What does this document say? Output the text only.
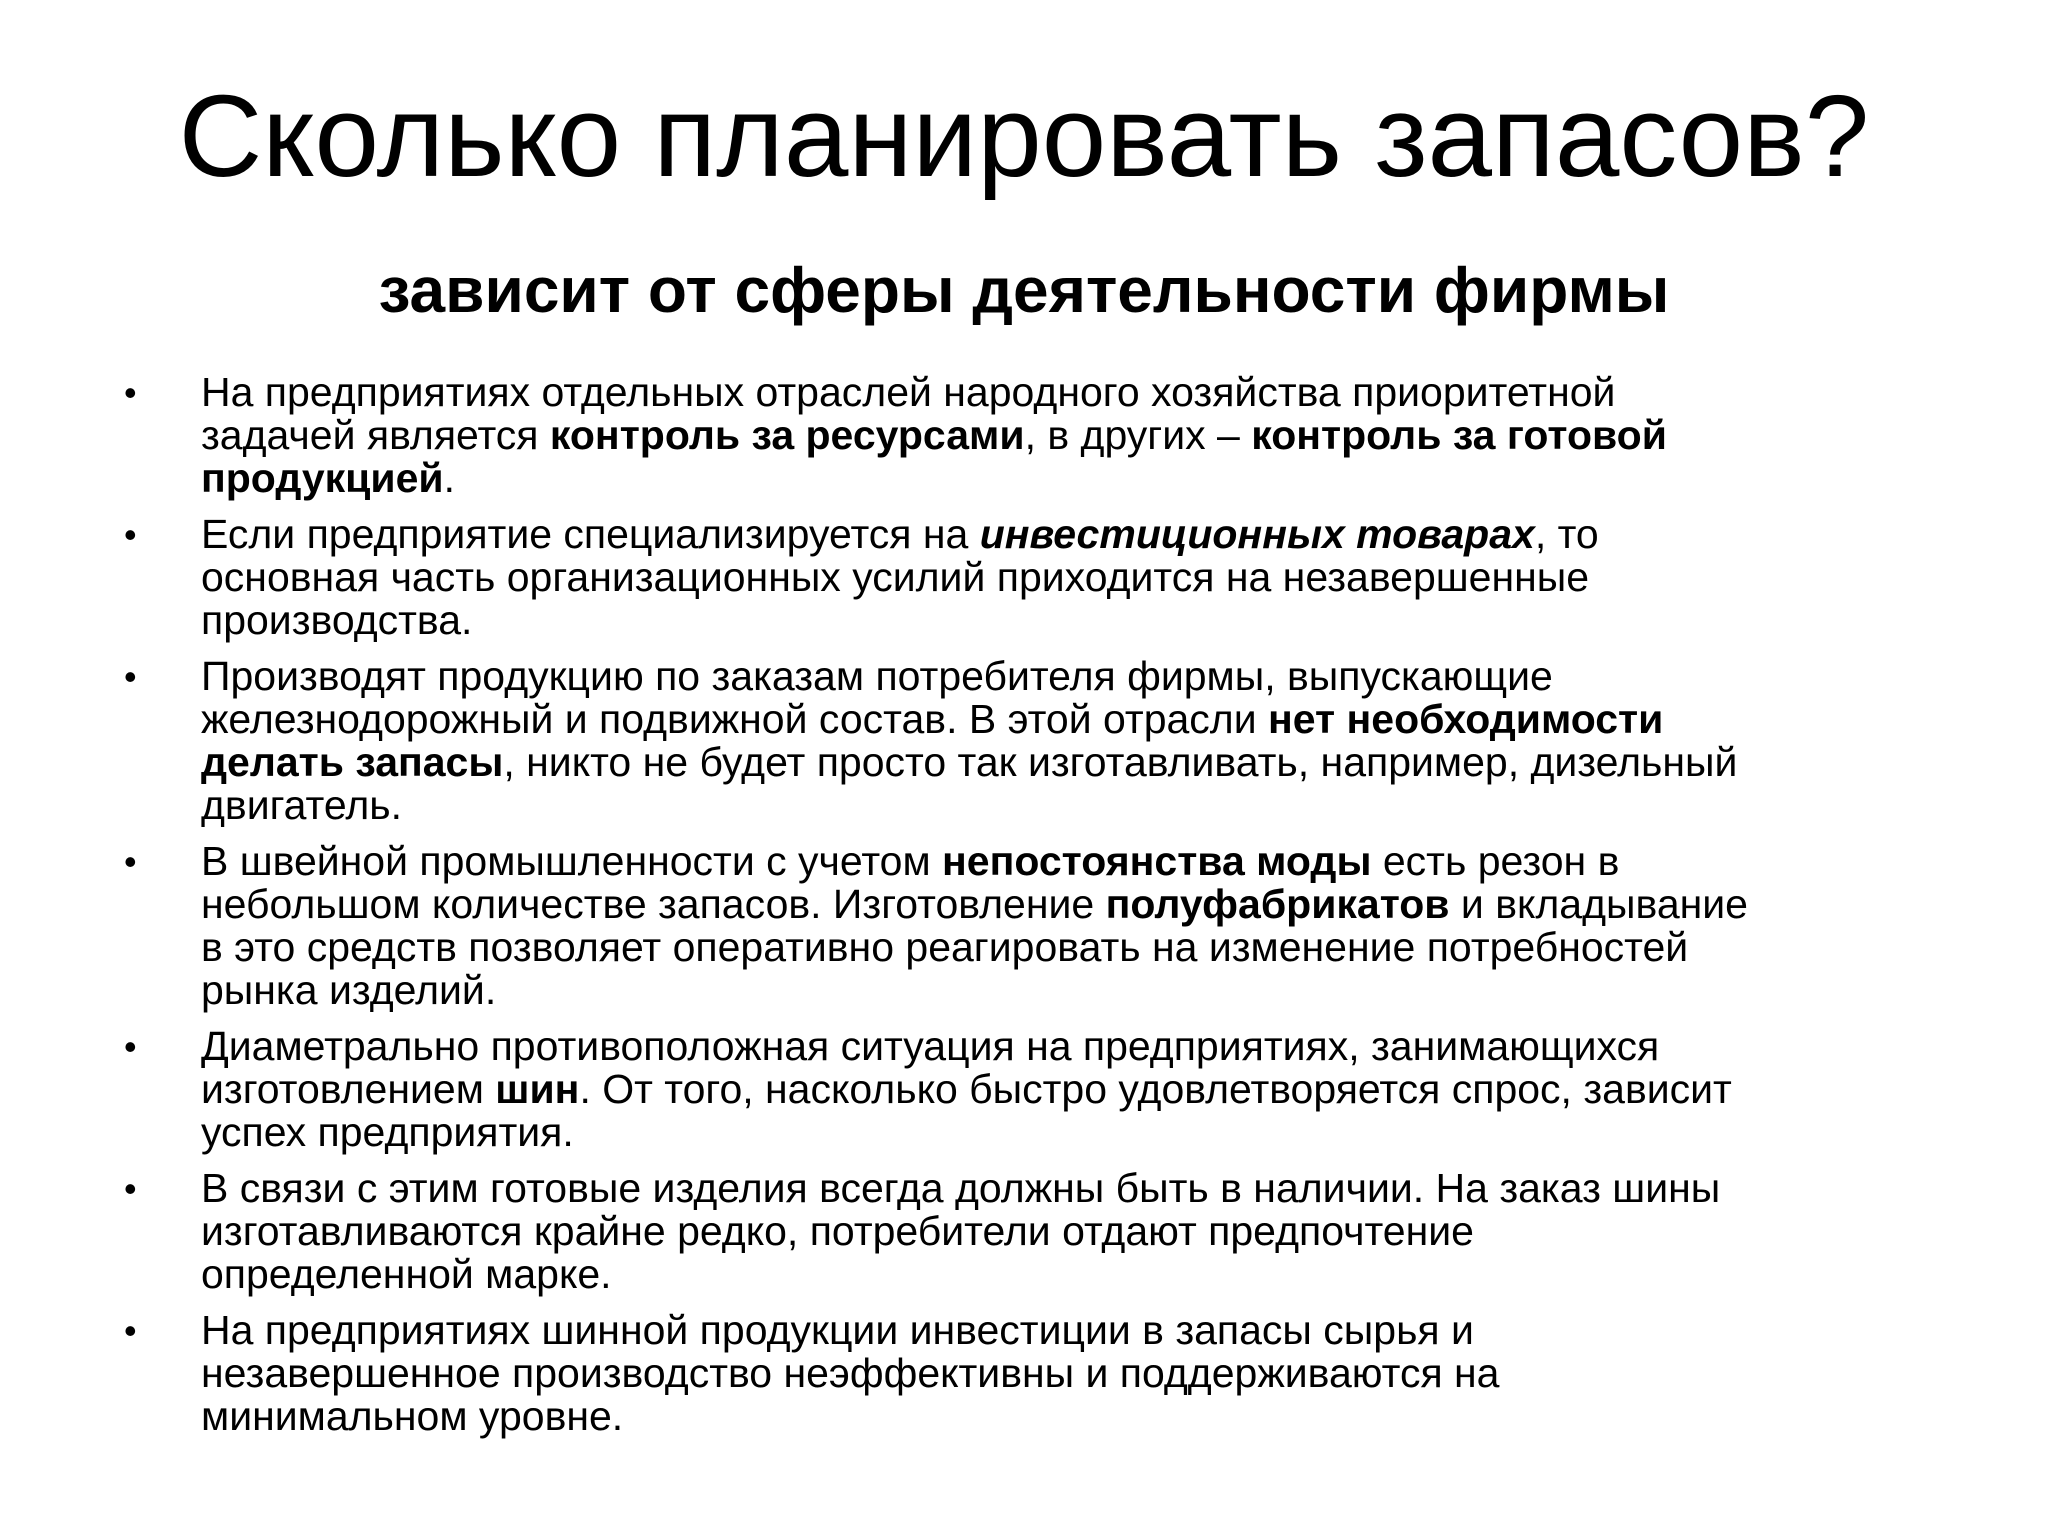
Сколько планировать запасов?
зависит от сферы деятельности фирмы
• На предприятиях отдельных отраслей народного хозяйства приоритетной
задачей является контроль за ресурсами, в других – контроль за готовой
продукцией.
• Если предприятие специализируется на инвестиционных товарах, то
основная часть организационных усилий приходится на незавершенные
производства.
• Производят продукцию по заказам потребителя фирмы, выпускающие
железнодорожный и подвижной состав. В этой отрасли нет необходимости
делать запасы, никто не будет просто так изготавливать, например, дизельный
двигатель.
• В швейной промышленности с учетом непостоянства моды есть резон в
небольшом количестве запасов. Изготовление полуфабрикатов и вкладывание
в это средств позволяет оперативно реагировать на изменение потребностей
рынка изделий.
• Диаметрально противоположная ситуация на предприятиях, занимающихся
изготовлением шин. От того, насколько быстро удовлетворяется спрос, зависит
успех предприятия.
• В связи с этим готовые изделия всегда должны быть в наличии. На заказ шины
изготавливаются крайне редко, потребители отдают предпочтение
определенной марке.
• На предприятиях шинной продукции инвестиции в запасы сырья и
незавершенное производство неэффективны и поддерживаются на
минимальном уровне.
